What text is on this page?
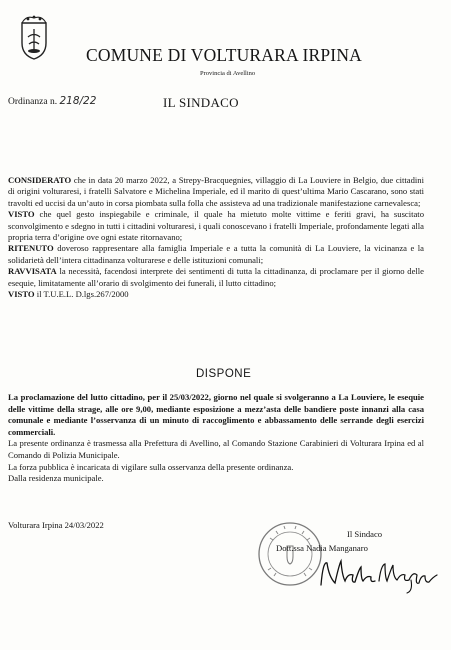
COMUNE DI VOLTURARA IRPINA
Provincia di Avellino
Ordinanza n. 218/22	IL SINDACO

CONSIDERATO che in data 20 marzo 2022, a Strepy-Bracquegnies, villaggio di La Louviere in Belgio, due cittadini di origini volturaresi, i fratelli Salvatore e Michelina Imperiale, ed il marito di quest’ultima Mario Cascarano, sono stati travolti ed uccisi da un’auto in corsa piombata sulla folla che assisteva ad una tradizionale manifestazione carnevalesca;

VISTO che quel gesto inspiegabile e criminale, il quale ha mietuto molte vittime e feriti gravi, ha suscitato sconvolgimento e sdegno in tutti i cittadini volturaresi, i quali conoscevano i fratelli Imperiale, profondamente legati alla propria terra d’origine ove ogni estate ritornavano;

RITENUTO doveroso rappresentare alla famiglia Imperiale e a tutta la comunità di La Louviere, la vicinanza e la solidarietà dell’intera cittadinanza volturarese e delle istituzioni comunali;

RAVVISATA la necessità, facendosi interprete dei sentimenti di tutta la cittadinanza, di proclamare per il giorno delle esequie, limitatamente all’orario di svolgimento dei funerali, il lutto cittadino;

VISTO il T.U.E.L. D.lgs.267/2000

DISPONE

La proclamazione del lutto cittadino, per il 25/03/2022, giorno nel quale si svolgeranno a La Louviere, le esequie delle vittime della strage, alle ore 9,00, mediante esposizione a mezz’asta delle bandiere poste innanzi alla casa comunale e mediante l’osservanza di un minuto di raccoglimento e abbassamento delle serrande degli esercizi commerciali.

La presente ordinanza è trasmessa alla Prefettura di Avellino, al Comando Stazione Carabinieri di Volturara Irpina ed al Comando di Polizia Municipale.

La forza pubblica è incaricata di vigilare sulla osservanza della presente ordinanza.

Dalla residenza municipale.

Volturara Irpina 24/03/2022
Il Sindaco
Dott.ssa Nadia Manganaro
